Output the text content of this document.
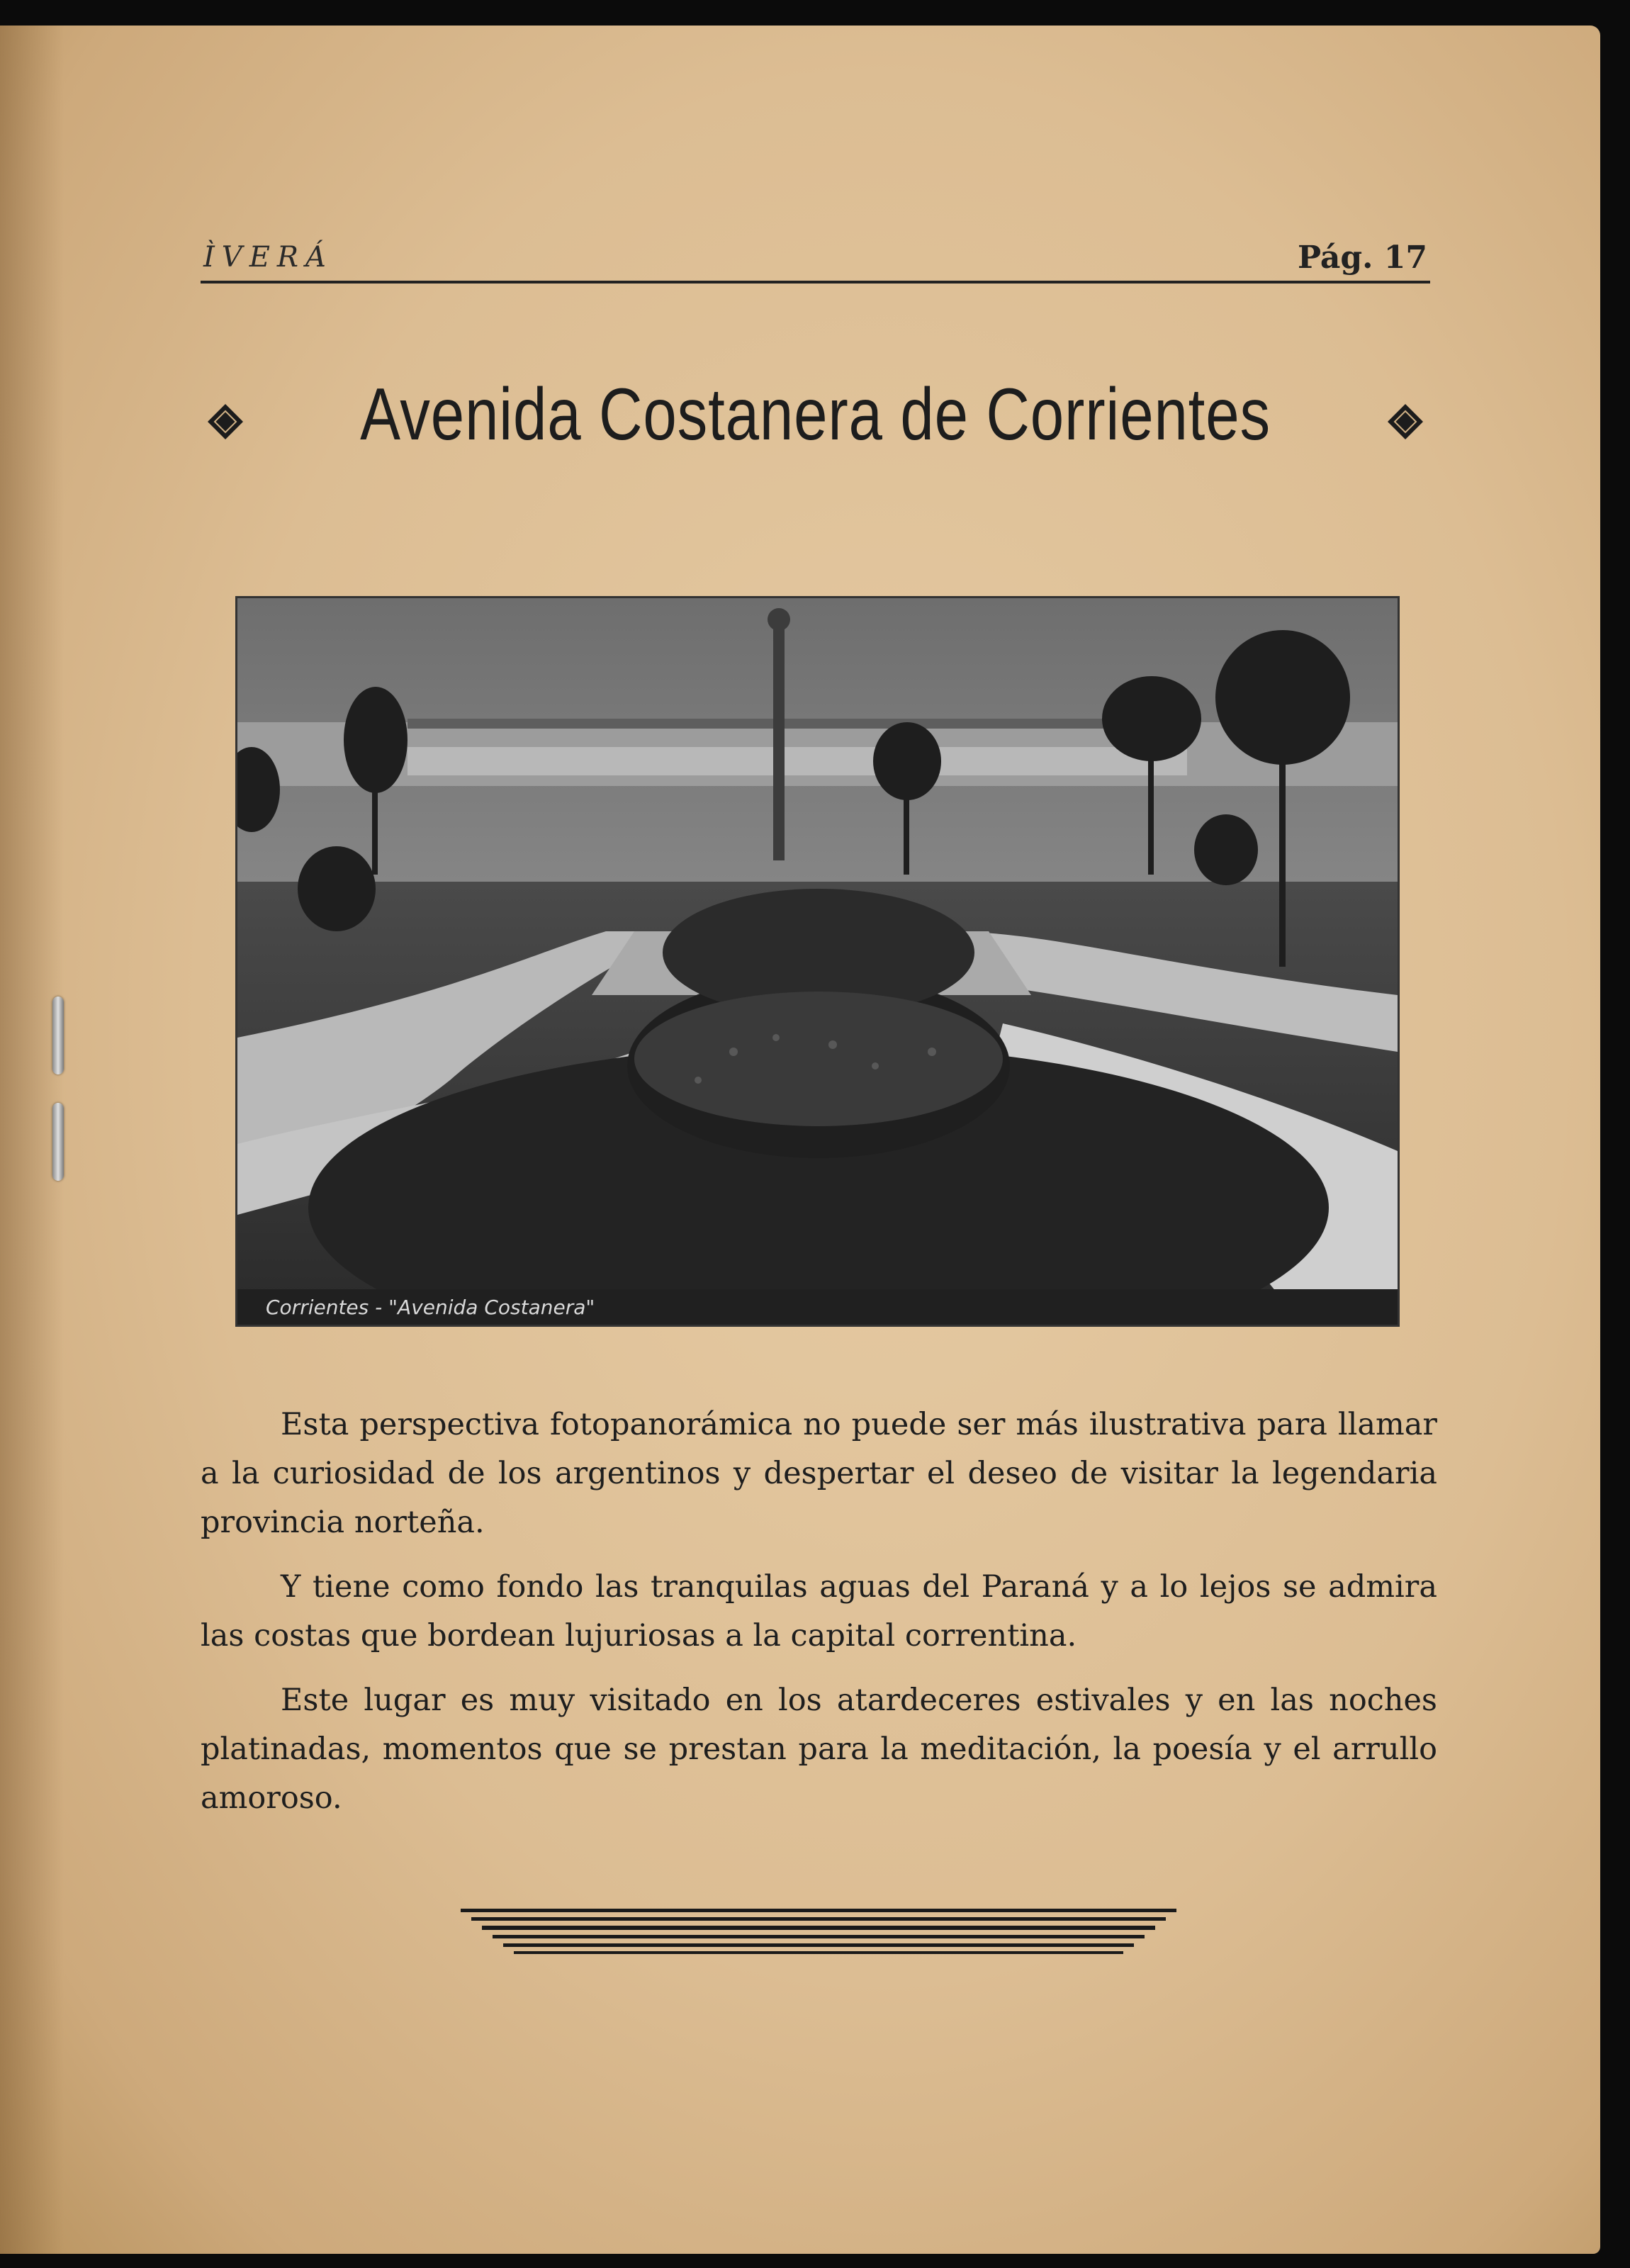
ÌVERÁ	Pág. 17
Avenida Costanera de Corrientes
Corrientes - "Avenida Costanera"

Esta perspectiva fotopanorámica no puede ser más ilustrativa para llamar a la curiosidad de los argentinos y despertar el deseo de visitar la legendaria provincia norteña.

Y tiene como fondo las tranquilas aguas del Paraná y a lo lejos se admira las costas que bordean lujuriosas a la capital correntina.

Este lugar es muy visitado en los atardeceres estivales y en las noches platinadas, momentos que se prestan para la meditación, la poesía y el arrullo amoroso.
